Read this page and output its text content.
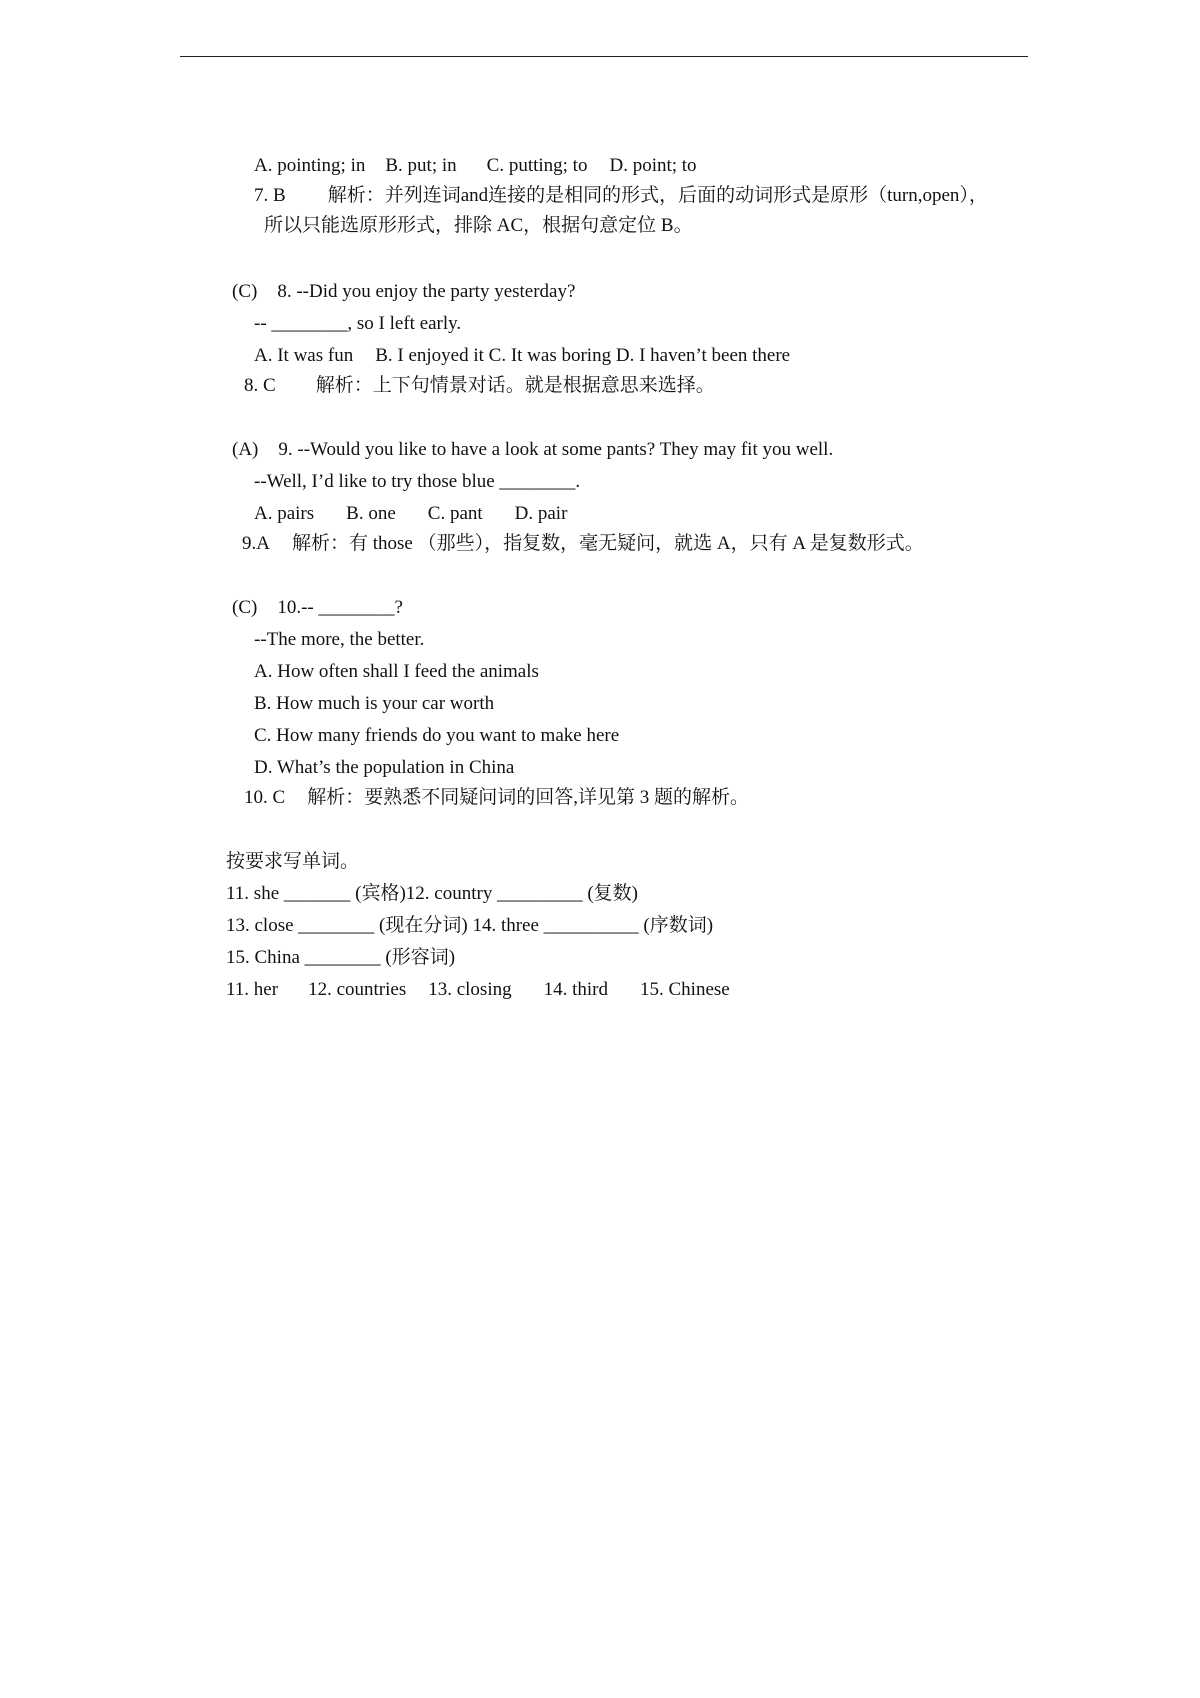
A. pointing; in B. put; in C. putting; to D. point; to
7. B 解析：并列连词and连接的是相同的形式，后面的动词形式是原形（turn,open），
所以只能选原形形式，排除 AC，根据句意定位 B。
(C) 8. --Did you enjoy the party yesterday?
-- ________, so I left early.
A. It was fun B. I enjoyed it C. It was boring D. I haven’t been there
8. C 解析：上下句情景对话。就是根据意思来选择。
(A) 9. --Would you like to have a look at some pants? They may fit you well.
--Well, I’d like to try those blue ________.
A. pairs B. one C. pant D. pair
9.A 解析：有 those （那些），指复数，毫无疑问，就选 A，只有 A 是复数形式。
(C) 10.-- ________?
--The more, the better.
A. How often shall I feed the animals
B. How much is your car worth
C. How many friends do you want to make here
D. What’s the population in China
10. C 解析：要熟悉不同疑问词的回答,详见第 3 题的解析。
按要求写单词。
11. she _______ (宾格)12. country _________ (复数)
13. close ________ (现在分词) 14. three __________ (序数词)
15. China ________ (形容词)
11. her 12. countries 13. closing 14. third 15. Chinese
